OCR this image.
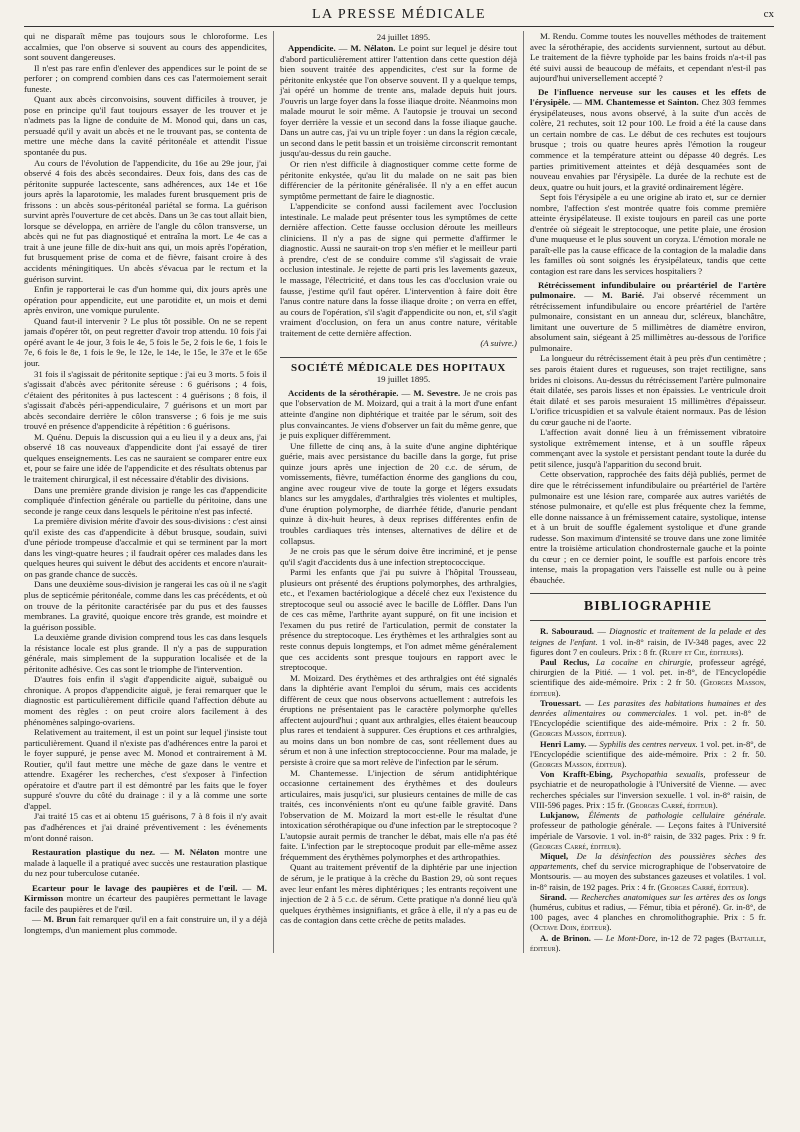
LA PRESSE MÉDICALE	cx

qui ne disparaît même pas toujours sous le chloroforme. Les accalmies, que l'on observe si souvent au cours des appendicites, sont souvent dangereuses.

Il n'est pas rare enfin d'enlever des appendices sur le point de se perforer ; on comprend combien dans ces cas l'atermoiement serait funeste.

Quant aux abcès circonvoisins, souvent difficiles à trouver, je pose en principe qu'il faut toujours essayer de les trouver et je n'admets pas la ligne de conduite de M. Monod qui, dans un cas, persuadé qu'il y avait un abcès et ne le trouvant pas, se contenta de mettre une mèche dans la cavité péritonéale et attendit l'issue spontanée du pus.

Au cours de l'évolution de l'appendicite, du 16e au 29e jour, j'ai observé 4 fois des abcès secondaires. Deux fois, dans des cas de péritonite suppurée lactescente, sans adhérences, aux 14e et 16e jours après la laparotomie, les malades furent brusquement pris de frissons : un abcès sous-péritonéal pariétal se forma. La guérison survint après l'ouverture de cet abcès. Dans un 3e cas tout allait bien, lorsque se développa, en arrière de l'angle du côlon transverse, un abcès qui ne fut pas diagnostiqué et entraîna la mort. Le 4e cas a trait à une jeune fille de dix-huit ans qui, un mois après l'opération, fut brusquement prise de coma et de fièvre, faisant croire à des accidents méningitiques. Un abcès s'évacua par le rectum et la guérison survint.

Enfin je rapporterai le cas d'un homme qui, dix jours après une opération pour appendicite, eut une parotidite et, un mois et demi après environ, une vomique purulente.

Quand faut-il intervenir ? Le plus tôt possible. On ne se repent jamais d'opérer tôt, on peut regretter d'avoir trop attendu. 10 fois j'ai opéré avant le 4e jour, 3 fois le 4e, 5 fois le 5e, 2 fois le 6e, 1 fois le 7e, 6 fois le 8e, 1 fois le 9e, le 12e, le 14e, le 15e, le 37e et le 65e jour.

31 fois il s'agissait de péritonite septique : j'ai eu 3 morts. 5 fois il s'agissait d'abcès avec péritonite séreuse : 6 guérisons ; 4 fois, c'étaient des péritonites à pus lactescent : 4 guérisons ; 8 fois, il s'agissait d'abcès péri-appendiculaire, 7 guérisons et un mort par abcès secondaire derrière le côlon transverse ; 6 fois je me suis trouvé en présence d'appendicite à répétition : 6 guérisons.

M. Quénu. Depuis la discussion qui a eu lieu il y a deux ans, j'ai observé 18 cas nouveaux d'appendicite dont j'ai essayé de tirer quelques enseignements. Les cas ne sauraient se comparer entre eux et, pour se faire une idée de l'appendicite et des résultats obtenus par le traitement chirurgical, il est nécessaire d'établir des divisions.

Dans une première grande division je range les cas d'appendicite compliquée d'infection générale ou partielle du péritoine, dans une seconde je range ceux dans lesquels le péritoine n'est pas infecté.

La première division mérite d'avoir des sous-divisions : c'est ainsi qu'il existe des cas d'appendicite à début brusque, soudain, suivi d'une période trompeuse d'accalmie et qui se terminent par la mort dans les vingt-quatre heures ; il faudrait opérer ces malades dans les quelques heures qui suivent le début des accidents et encore n'aurait-on pas grande chance de succès.

Dans une deuxième sous-division je rangerai les cas où il ne s'agit plus de septicémie péritonéale, comme dans les cas précédents, et où on trouve de la péritonite caractérisée par du pus et des fausses membranes. La gravité, quoique encore très grande, est moindre et la guérison possible.

La deuxième grande division comprend tous les cas dans lesquels la résistance locale est plus grande. Il n'y a pas de suppuration générale, mais simplement de la suppuration localisée et de la péritonite adhésive. Ces cas sont le triomphe de l'intervention.

D'autres fois enfin il s'agit d'appendicite aiguë, subaiguë ou chronique. A propos d'appendicite aiguë, je ferai remarquer que le diagnostic est particulièrement difficile quand l'affection débute au moment des règles : on peut croire alors facilement à des phénomènes salpingo-ovariens.

Relativement au traitement, il est un point sur lequel j'insiste tout particulièrement. Quand il n'existe pas d'adhérences entre la paroi et le foyer suppuré, je pense avec M. Monod et contrairement à M. Routier, qu'il faut mettre une mèche de gaze dans le ventre et attendre. Exagérer les recherches, c'est s'exposer à l'infection opératoire et d'autre part il est démontré par les faits que le foyer suppuré s'ouvre du côté du drainage : il y a là comme une sorte d'appel.

J'ai traité 15 cas et ai obtenu 15 guérisons, 7 à 8 fois il n'y avait pas d'adhérences et j'ai drainé préventivement : les événements m'ont donné raison.

Restauration plastique du nez. — M. Nélaton montre une malade à laquelle il a pratiqué avec succès une restauration plastique du nez pour tuberculose cutanée.

Ecarteur pour le lavage des paupières et de l'œil. — M. Kirmisson montre un écarteur des paupières permettant le lavage facile des paupières et de l'œil.

— M. Brun fait remarquer qu'il en a fait construire un, il y a déjà longtemps, d'un maniement plus commode.

24 juillet 1895.

Appendicite. — M. Nélaton. Le point sur lequel je désire tout d'abord particulièrement attirer l'attention dans cette question déjà bien souvent traitée des appendicites, c'est sur la forme de péritonite enkystée que l'on observe souvent. Il y a quelque temps, j'ai opéré un homme de trente ans, malade depuis huit jours. J'ouvris un large foyer dans la fosse iliaque droite. Néanmoins mon malade mourut le soir même. A l'autopsie je trouvai un second foyer derrière la vessie et un second dans la fosse iliaque gauche. Dans un autre cas, j'ai vu un triple foyer : un dans la région cæcale, un second dans le petit bassin et un troisième circonscrit remontant jusqu'au-dessus du rein gauche.

Or rien n'est difficile à diagnostiquer comme cette forme de péritonite enkystée, qu'au lit du malade on ne sait pas bien différencier de la péritonite généralisée. Il n'y a en effet aucun symptôme permettant de faire le diagnostic.

L'appendicite se confond aussi facilement avec l'occlusion intestinale. Le malade peut présenter tous les symptômes de cette dernière affection. Cette fausse occlusion déroute les meilleurs cliniciens. Il n'y a pas de signe qui permette d'affirmer le diagnostic. Aussi ne saurait-on trop s'en méfier et le meilleur parti à prendre, c'est de se conduire comme s'il s'agissait de vraie occlusion intestinale. Je rejette de parti pris les lavements gazeux, le massage, l'électricité, et dans tous les cas d'occlusion vraie ou fausse, j'estime qu'il faut opérer. L'intervention à faire doit être l'anus contre nature dans la fosse iliaque droite ; on verra en effet, au cours de l'opération, s'il s'agit d'appendicite ou non, et, s'il s'agit vraiment d'occlusion, on fera un anus contre nature, véritable traitement de cette dernière affection.

(A suivre.)

SOCIÉTÉ MÉDICALE DES HOPITAUX

19 juillet 1895.

Accidents de la sérothérapie. — M. Sevestre. Je ne crois pas que l'observation de M. Moizard, qui a trait à la mort d'une enfant atteinte d'angine non diphtérique et traitée par le sérum, soit des plus convaincantes. Je viens d'observer un fait du même genre, que je puis expliquer différemment.

Une fillette de cinq ans, à la suite d'une angine diphtérique guérie, mais avec persistance du bacille dans la gorge, fut prise quinze jours après une injection de 20 c.c. de sérum, de vomissements, fièvre, tuméfaction énorme des ganglions du cou, angine avec rougeur vive de toute la gorge et légers exsudats blancs sur les amygdales, d'arthralgies très violentes et multiples, d'une éruption polymorphe, de diarrhée fétide, d'anurie pendant quinze à dix-huit heures, à deux reprises différentes enfin de troubles cardiaques très intenses, alternatives de délire et de collapsus.

Je ne crois pas que le sérum doive être incriminé, et je pense qu'il s'agit d'accidents dus à une infection streptococcique.

Parmi les enfants que j'ai pu suivre à l'hôpital Trousseau, plusieurs ont présenté des éruptions polymorphes, des arthralgies, etc., et l'examen bactériologique a décelé chez eux l'existence du streptocoque seul ou associé avec le bacille de Löffler. Dans l'un de ces cas même, l'arthrite ayant suppuré, on fit une incision et l'examen du pus retiré de l'articulation, permit de constater la présence du streptocoque. Les érythèmes et les arthralgies sont au reste connus depuis longtemps, et l'on admet même généralement que ces accidents sont presque toujours en rapport avec le streptocoque.

M. Moizard. Des érythèmes et des arthralgies ont été signalés dans la diphtérie avant l'emploi du sérum, mais ces accidents diffèrent de ceux que nous observons actuellement : autrefois les éruptions ne présentaient pas le caractère polymorphe qu'elles affectent aujourd'hui ; quant aux arthralgies, elles étaient beaucoup plus rares et tendaient à suppurer. Ces éruptions et ces arthralgies, au moins dans un bon nombre de cas, sont réellement dues au sérum et non à une infection streptococcienne. Pour ma malade, je persiste à croire que sa mort relève de l'infection par le sérum.

M. Chantemesse. L'injection de sérum antidiphtérique occasionne certainement des érythèmes et des douleurs articulaires, mais jusqu'ici, sur plusieurs centaines de mille de cas traités, ces inconvénients n'ont eu qu'une faible gravité. Dans l'observation de M. Moizard la mort est-elle le résultat d'une intoxication sérothérapique ou d'une infection par le streptocoque ? L'autopsie aurait permis de trancher le débat, mais elle n'a pas été faite. L'infection par le streptocoque produit par elle-même assez fréquemment des érythèmes polymorphes et des arthropathies.

Quant au traitement préventif de la diphtérie par une injection de sérum, je le pratique à la crèche du Bastion 29, où sont reçues avec leur enfant les mères diphtériques ; les entrants reçoivent une injection de 2 à 5 c.c. de sérum. Cette pratique n'a donné lieu qu'à quelques érythèmes insignifiants, et grâce à elle, il n'y a pas eu de cas de contagion dans cette crèche de petits malades.

M. Rendu. Comme toutes les nouvelles méthodes de traitement avec la sérothérapie, des accidents surviennent, surtout au début. Le traitement de la fièvre typhoïde par les bains froids n'a-t-il pas été suivi aussi de beaucoup de méfaits, et cependant n'est-il pas aujourd'hui universellement accepté ?

De l'influence nerveuse sur les causes et les effets de l'érysipèle. — MM. Chantemesse et Sainton. Chez 303 femmes érysipélateuses, nous avons observé, à la suite d'un accès de colère, 21 rechutes, soit 12 pour 100. Le froid a été la cause dans un certain nombre de cas. Le début de ces rechutes est toujours brusque ; trois ou quatre heures après l'émotion la rougeur commence et la température atteint ou dépasse 40 degrés. Les parties primitivement atteintes et déjà desquamées sont de nouveau envahies par l'érysipèle. La durée de la rechute est de deux, quatre ou huit jours, et la gravité ordinairement légère.

Sept fois l'érysipèle a eu une origine ab irato et, sur ce dernier nombre, l'affection s'est montrée quatre fois comme première atteinte érysipélateuse. Il existe toujours en pareil cas une porte d'entrée où siégeait le streptocoque, une petite plaie, une érosion d'une muqueuse et le plus souvent un coryza. L'émotion morale ne paraît-elle pas la cause efficace de la contagion de la maladie dans les familles où sont soignés les érysipélateux, tandis que cette contagion est rare dans les services hospitaliers ?

Rétrécissement infundibulaire ou préartériel de l'artère pulmonaire. — M. Barié. J'ai observé récemment un rétrécissement infundibulaire ou encore préartériel de l'artère pulmonaire, consistant en un anneau dur, scléreux, blanchâtre, limitant une ouverture de 5 millimètres de diamètre environ, absolument sain, siégeant à 25 millimètres au-dessous de l'orifice pulmonaire.

La longueur du rétrécissement était à peu près d'un centimètre ; ses parois étaient dures et rugueuses, son trajet rectiligne, sans brides ni cloisons. Au-dessus du rétrécissement l'artère pulmonaire était dilatée, ses parois lisses et non épaissies. Le ventricule droit était dilaté et ses parois mesuraient 15 millimètres d'épaisseur. L'orifice tricuspidien et sa valvule étaient normaux. Pas de lésion du cœur gauche ni de l'aorte.

L'affection avait donné lieu à un frémissement vibratoire systolique extrêmement intense, et à un souffle râpeux commençant avec la systole et persistant pendant toute la durée du petit silence, jusqu'à l'apparition du second bruit.

Cette observation, rapprochée des faits déjà publiés, permet de dire que le rétrécissement infundibulaire ou préartériel de l'artère pulmonaire est une lésion rare, comparée aux autres variétés de sténose pulmonaire, et qu'elle est plus fréquente chez la femme, elle donne naissance à un frémissement cataire, systolique, intense et à un bruit de souffle également systolique et d'une grande rudesse. Son maximum d'intensité se trouve dans une zone limitée entre la troisième articulation chondrosternale gauche et la pointe du cœur ; en ce dernier point, le souffle est parfois encore très intense, mais la propagation vers l'aisselle est nulle ou à peine ébauchée.

BIBLIOGRAPHIE

R. Sabouraud. — Diagnostic et traitement de la pelade et des teignes de l'enfant. 1 vol. in-8° raisin, de IV-348 pages, avec 22 figures dont 7 en couleurs. Prix : 8 fr. (Rueff et Cie, éditeurs).

Paul Reclus, La cocaïne en chirurgie, professeur agrégé, chirurgien de la Pitié. — 1 vol. pet. in-8°, de l'Encyclopédie scientifique des aide-mémoire. Prix : 2 fr 50. (Georges Masson, éditeur).

Trouessart. — Les parasites des habitations humaines et des denrées alimentaires ou commerciales. 1 vol. pet. in-8° de l'Encyclopédie scientifique des aide-mémoire. Prix : 2 fr. 50. (Georges Masson, éditeur).

Henri Lamy. — Syphilis des centres nerveux. 1 vol. pet. in-8°, de l'Encyclopédie scientifique des aide-mémoire. Prix : 2 fr. 50. (Georges Masson, éditeur).

Von Krafft-Ebing, Psychopathia sexualis, professeur de psychiatrie et de neuropathologie à l'Université de Vienne. — avec recherches spéciales sur l'inversion sexuelle. 1 vol. in-8° raisin, de VIII-596 pages. Prix : 15 fr. (Georges Carré, éditeur).

Lukjanow, Éléments de pathologie cellulaire générale. professeur de pathologie générale. — Leçons faites à l'Université impériale de Varsovie. 1 vol. in-8° raisin, de 332 pages. Prix : 9 fr. (Georges Carré, éditeur).

Miquel, De la désinfection des poussières sèches des appartements, chef du service micrographique de l'observatoire de Montsouris. — au moyen des substances gazeuses et volatiles. 1 vol. in-8° raisin, de 192 pages. Prix : 4 fr. (Georges Carré, éditeur).

Sirand. — Recherches anatomiques sur les artères des os longs (humérus, cubitus et radius, — Fémur, tibia et péroné). Gr. in-8°, de 100 pages, avec 4 planches en chromolithographie. Prix : 5 fr. (Octave Doin, éditeur).

A. de Brinon. — Le Mont-Dore, in-12 de 72 pages (Battaille, éditeur).
